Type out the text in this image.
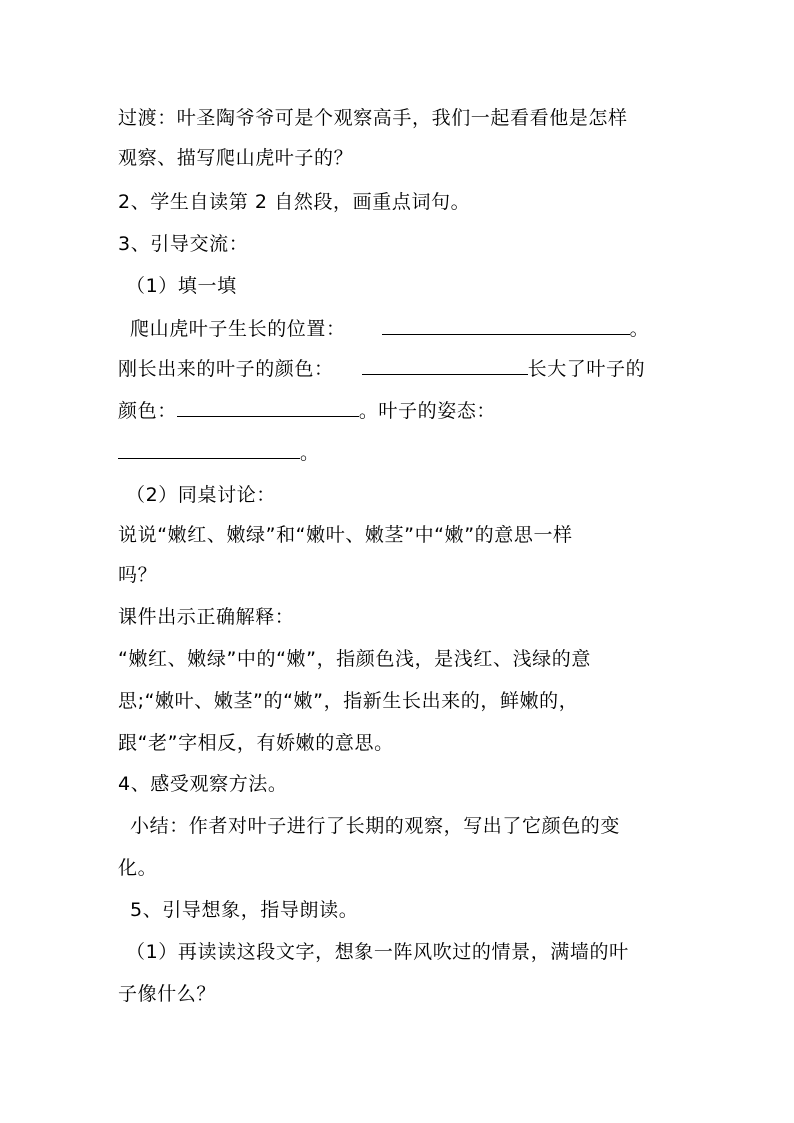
过渡：叶圣陶爷爷可是个观察高手，我们一起看看他是怎样
观察、描写爬山虎叶子的？
2、学生自读第 2 自然段，画重点词句。
3、引导交流：
（1）填一填
爬山虎叶子生长的位置：	。
刚长出来的叶子的颜色：	长大了叶子的
颜色：	。叶子的姿态：
。
（2）同桌讨论：
说说“嫩红、嫩绿”和“嫩叶、嫩茎”中“嫩”的意思一样
吗？
课件出示正确解释：
“嫩红、嫩绿”中的“嫩”，指颜色浅，是浅红、浅绿的意
思;“嫩叶、嫩茎”的“嫩”，指新生长出来的，鲜嫩的，
跟“老”字相反，有娇嫩的意思。
4、感受观察方法。
小结：作者对叶子进行了长期的观察，写出了它颜色的变
化。
5、引导想象，指导朗读。
（1）再读读这段文字，想象一阵风吹过的情景，满墙的叶
子像什么？
